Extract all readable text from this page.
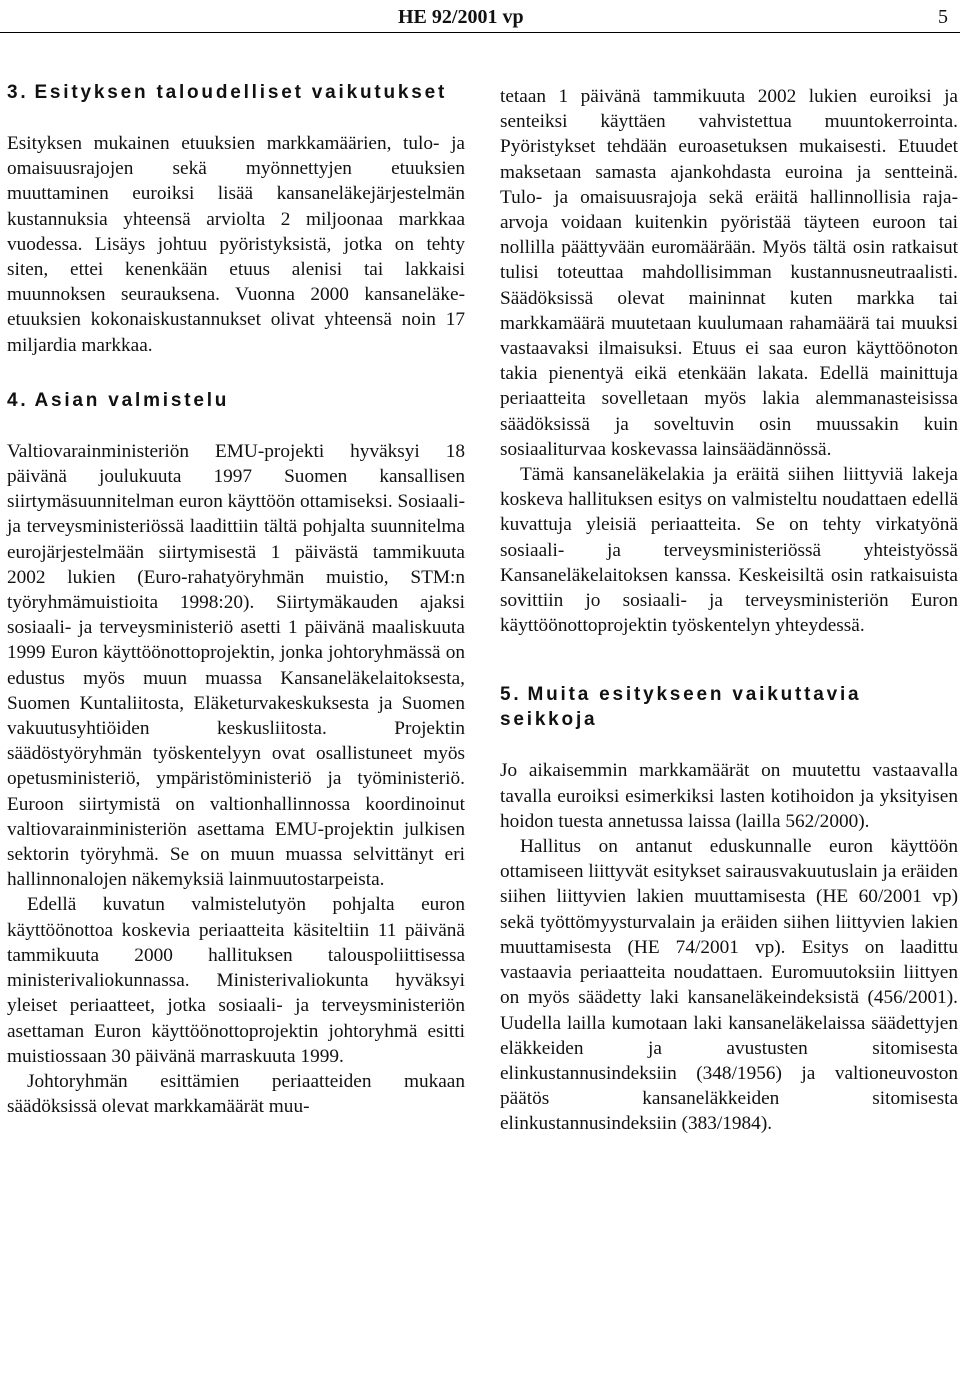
HE 92/2001 vp	5
3. Esityksen taloudelliset vaikutukset

Esityksen mukainen etuuksien markkamäärien, tulo- ja omaisuusrajojen sekä myönnettyjen etuuksien muuttaminen euroiksi lisää kansaneläkejärjestelmän kustannuksia yhteensä arviolta 2 miljoonaa markkaa vuodessa. Lisäys johtuu pyöristyksistä, jotka on tehty siten, ettei kenenkään etuus alenisi tai lakkaisi muunnoksen seurauksena. Vuonna 2000 kansaneläke-etuuksien kokonaiskustannukset olivat yhteensä noin 17 miljardia markkaa.

4. Asian valmistelu

Valtiovarainministeriön EMU-projekti hyväksyi 18 päivänä joulukuuta 1997 Suomen kansallisen siirtymäsuunnitelman euron käyttöön ottamiseksi. Sosiaali- ja terveysministeriössä laadittiin tältä pohjalta suunnitelma eurojärjestelmään siirtymisestä 1 päivästä tammikuuta 2002 lukien (Euro-rahatyöryhmän muistio, STM:n työryhmämuistioita 1998:20). Siirtymäkauden ajaksi sosiaali- ja terveysministeriö asetti 1 päivänä maaliskuuta 1999 Euron käyttöönottoprojektin, jonka johtoryhmässä on edustus myös muun muassa Kansaneläkelaitoksesta, Suomen Kuntaliitosta, Eläketurvakeskuksesta ja Suomen vakuutusyhtiöiden keskusliitosta. Projektin säädöstyöryhmän työskentelyyn ovat osallistuneet myös opetusministeriö, ympäristöministeriö ja työministeriö. Euroon siirtymistä on valtionhallinnossa koordinoinut valtiovarainministeriön asettama EMU-projektin julkisen sektorin työryhmä. Se on muun muassa selvittänyt eri hallinnonalojen näkemyksiä lainmuutostarpeista.

Edellä kuvatun valmistelutyön pohjalta euron käyttöönottoa koskevia periaatteita käsiteltiin 11 päivänä tammikuuta 2000 hallituksen talouspoliittisessa ministerivaliokunnassa. Ministerivaliokunta hyväksyi yleiset periaatteet, jotka sosiaali- ja terveysministeriön asettaman Euron käyttöönottoprojektin johtoryhmä esitti muistiossaan 30 päivänä marraskuuta 1999.

Johtoryhmän esittämien periaatteiden mukaan säädöksissä olevat markkamäärät muu-

tetaan 1 päivänä tammikuuta 2002 lukien euroiksi ja senteiksi käyttäen vahvistettua muuntokerrointa. Pyöristykset tehdään euroasetuksen mukaisesti. Etuudet maksetaan samasta ajankohdasta euroina ja sentteinä. Tulo- ja omaisuusrajoja sekä eräitä hallinnollisia raja-arvoja voidaan kuitenkin pyöristää täyteen euroon tai nollilla päättyvään euromäärään. Myös tältä osin ratkaisut tulisi toteuttaa mahdollisimman kustannusneutraalisti. Säädöksissä olevat maininnat kuten markka tai markkamäärä muutetaan kuulumaan rahamäärä tai muuksi vastaavaksi ilmaisuksi. Etuus ei saa euron käyttöönoton takia pienentyä eikä etenkään lakata. Edellä mainittuja periaatteita sovelletaan myös lakia alemmanasteisissa säädöksissä ja soveltuvin osin muussakin kuin sosiaaliturvaa koskevassa lainsäädännössä.

Tämä kansaneläkelakia ja eräitä siihen liittyviä lakeja koskeva hallituksen esitys on valmisteltu noudattaen edellä kuvattuja yleisiä periaatteita. Se on tehty virkatyönä sosiaali- ja terveysministeriössä yhteistyössä Kansaneläkelaitoksen kanssa. Keskeisiltä osin ratkaisuista sovittiin jo sosiaali- ja terveysministeriön Euron käyttöönottoprojektin työskentelyn yhteydessä.

5. Muita esitykseen vaikuttavia seikkoja

Jo aikaisemmin markkamäärät on muutettu vastaavalla tavalla euroiksi esimerkiksi lasten kotihoidon ja yksityisen hoidon tuesta annetussa laissa (laillа 562/2000).

Hallitus on antanut eduskunnalle euron käyttöön ottamiseen liittyvät esitykset sairausvakuutuslain ja eräiden siihen liittyvien lakien muuttamisesta (HE 60/2001 vp) sekä työttömyysturvalain ja eräiden siihen liittyvien lakien muuttamisesta (HE 74/2001 vp). Esitys on laadittu vastaavia periaatteita noudattaen. Euromuutoksiin liittyen on myös säädetty laki kansaneläkeindeksistä (456/2001). Uudella lailla kumotaan laki kansaneläkelaissa säädettyjen eläkkeiden ja avustusten sitomisesta elinkustannusindeksiin (348/1956) ja valtioneuvoston päätös kansaneläkkeiden sitomisesta elinkustannusindeksiin (383/1984).
